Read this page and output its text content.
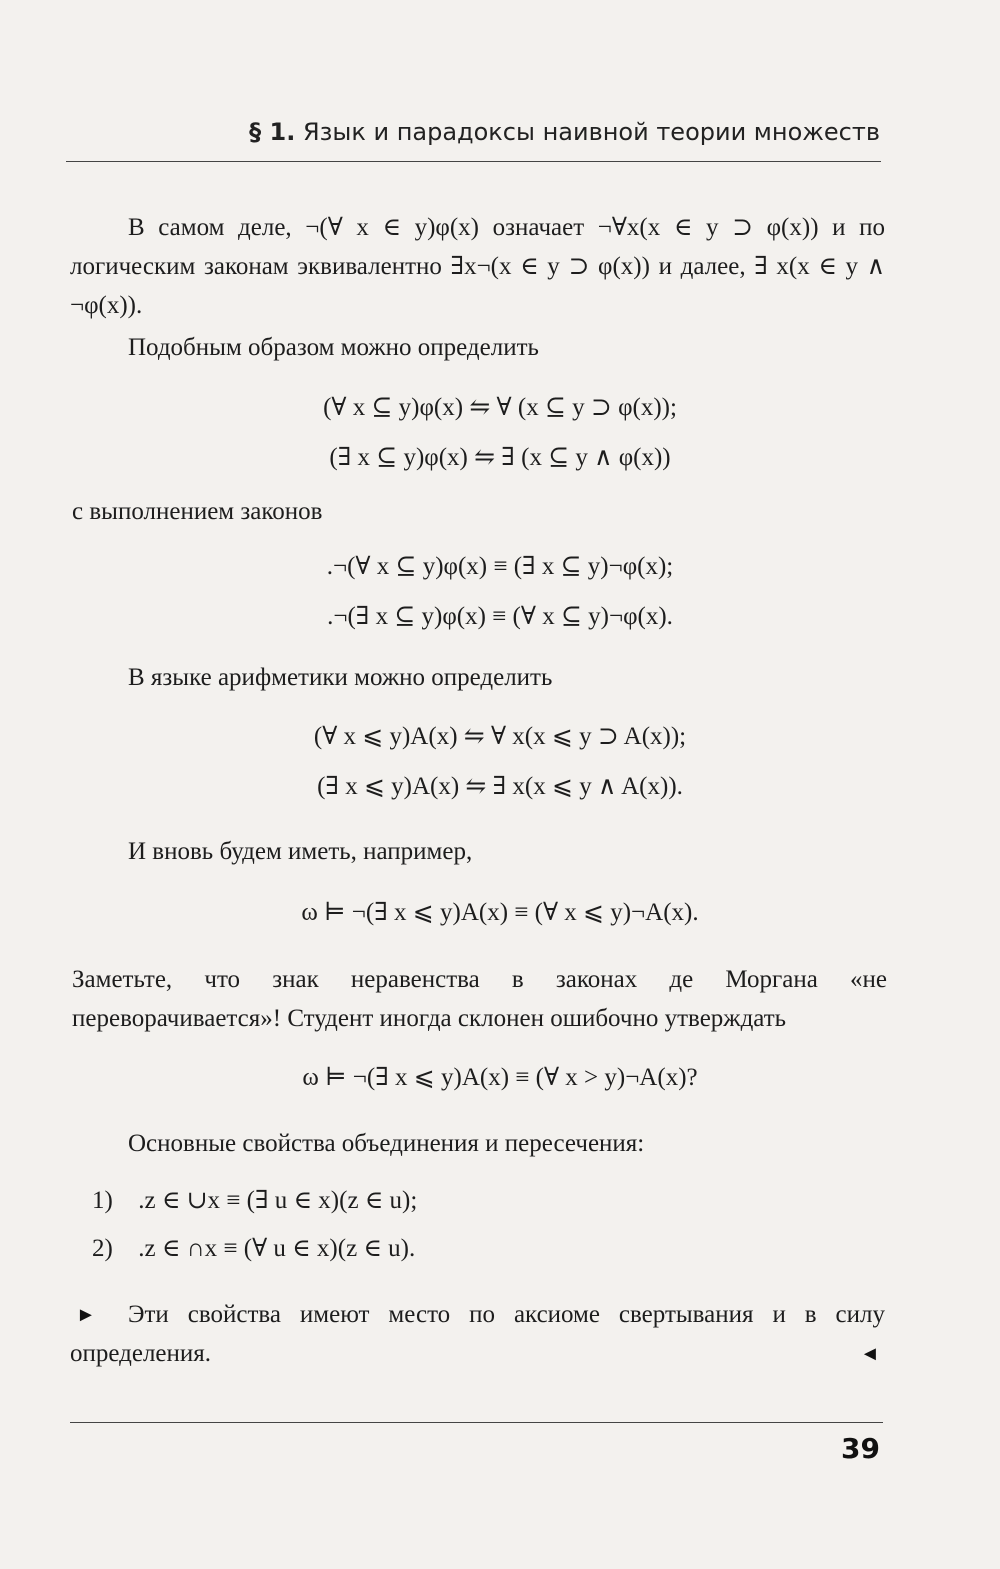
§ 1. Язык и парадоксы наивной теории множеств

В самом деле, ¬(∀ x ∈ y)φ(x) означает ¬∀x(x ∈ y ⊃ φ(x)) и по логическим законам эквивалентно ∃x¬(x ∈ y ⊃ φ(x)) и далее, ∃ x(x ∈ y ∧ ¬φ(x)).

Подобным образом можно определить

(∀ x ⊆ y)φ(x) ⇋ ∀ (x ⊆ y ⊃ φ(x));
(∃ x ⊆ y)φ(x) ⇋ ∃ (x ⊆ y ∧ φ(x))

с выполнением законов

.¬(∀ x ⊆ y)φ(x) ≡ (∃ x ⊆ y)¬φ(x);
.¬(∃ x ⊆ y)φ(x) ≡ (∀ x ⊆ y)¬φ(x).

В языке арифметики можно определить

(∀ x ⩽ y)A(x) ⇋ ∀ x(x ⩽ y ⊃ A(x));
(∃ x ⩽ y)A(x) ⇋ ∃ x(x ⩽ y ∧ A(x)).

И вновь будем иметь, например,

ω ⊨ ¬(∃ x ⩽ y)A(x) ≡ (∀ x ⩽ y)¬A(x).

Заметьте, что знак неравенства в законах де Моргана «не переворачивается»! Студент иногда склонен ошибочно утверждать

ω ⊨ ¬(∃ x ⩽ y)A(x) ≡ (∀ x > y)¬A(x)?

Основные свойства объединения и пересечения:

1) .z ∈ ∪x ≡ (∃ u ∈ x)(z ∈ u);
2) .z ∈ ∩x ≡ (∀ u ∈ x)(z ∈ u).
►	Эти свойства имеют место по аксиоме свертывания и в силу определения.	◄
39
